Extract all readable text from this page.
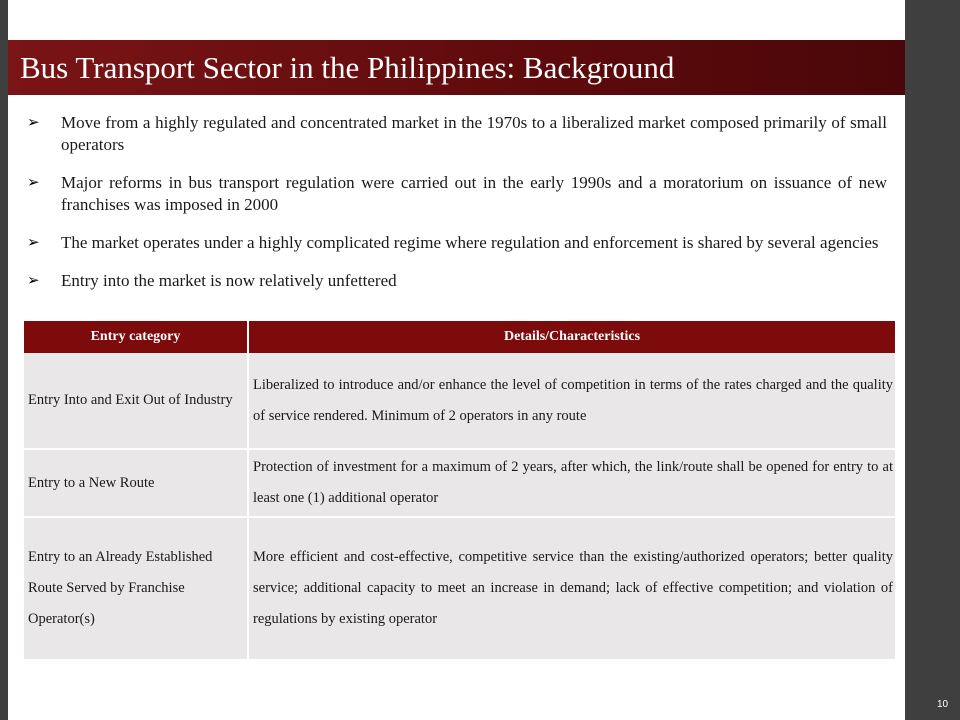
Bus Transport Sector in the Philippines: Background
➢ Move from a highly regulated and concentrated market in the 1970s to a liberalized market composed primarily of small operators
➢ Major reforms in bus transport regulation were carried out in the early 1990s and a moratorium on issuance of new franchises was imposed in 2000
➢ The market operates under a highly complicated regime where regulation and enforcement is shared by several agencies
➢ Entry into the market is now relatively unfettered
Entry category	Details/Characteristics
Entry Into and Exit Out of Industry	Liberalized to introduce and/or enhance the level of competition in terms of the rates charged and the quality of service rendered. Minimum of 2 operators in any route
Entry to a New Route	Protection of investment for a maximum of 2 years, after which, the link/route shall be opened for entry to at least one (1) additional operator
Entry to an Already Established Route Served by Franchise Operator(s)	More efficient and cost-effective, competitive service than the existing/authorized operators; better quality service; additional capacity to meet an increase in demand; lack of effective competition; and violation of regulations by existing operator
10
